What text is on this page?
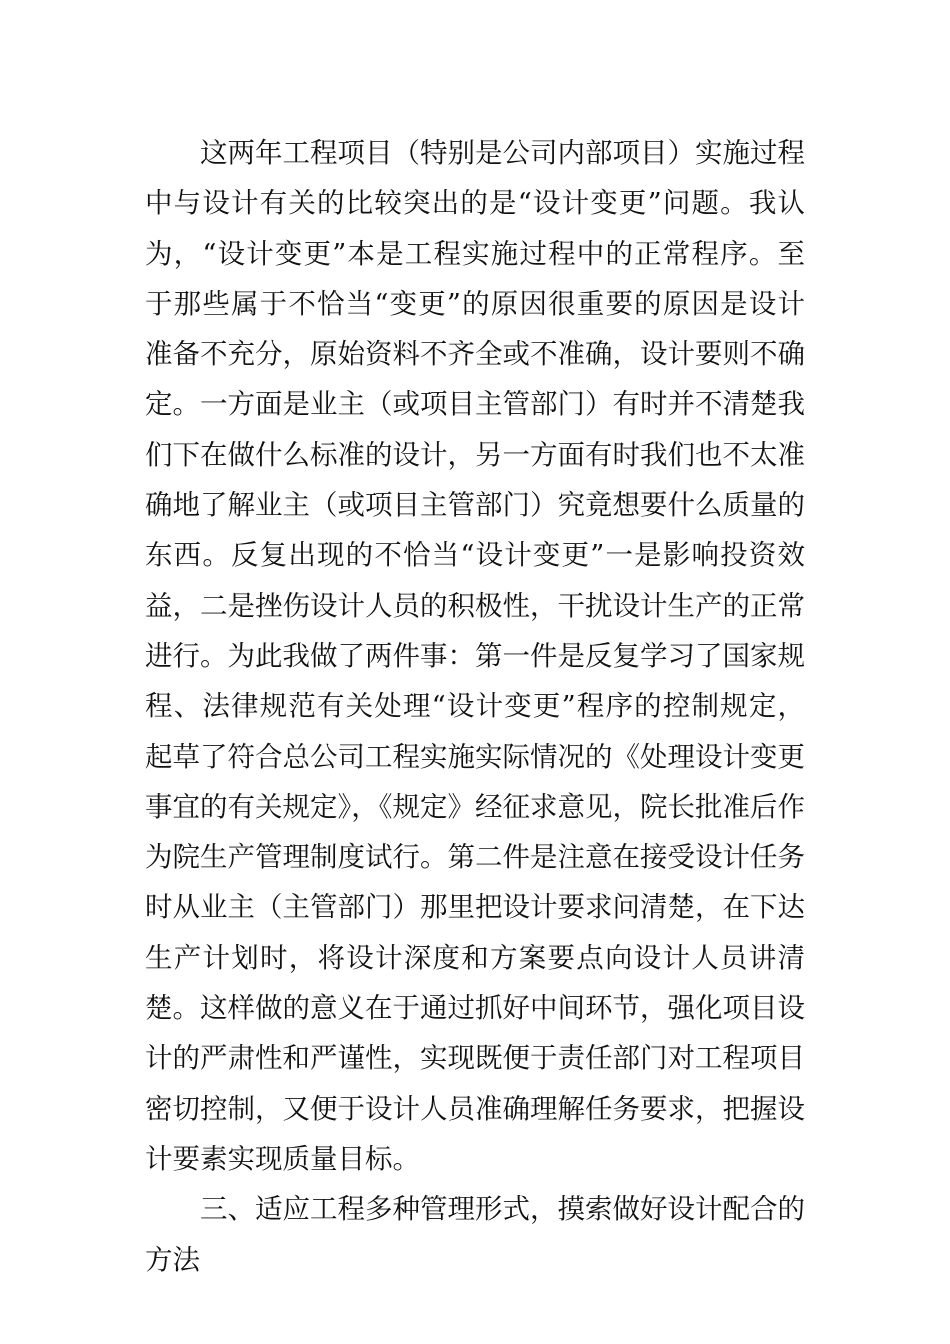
这两年工程项目（特别是公司内部项目）实施过程中与设计有关的比较突出的是“设计变更”问题。我认为，“设计变更”本是工程实施过程中的正常程序。至于那些属于不恰当“变更”的原因很重要的原因是设计准备不充分，原始资料不齐全或不准确，设计要则不确定。一方面是业主（或项目主管部门）有时并不清楚我们下在做什么标准的设计，另一方面有时我们也不太准确地了解业主（或项目主管部门）究竟想要什么质量的东西。反复出现的不恰当“设计变更”一是影响投资效益，二是挫伤设计人员的积极性，干扰设计生产的正常进行。为此我做了两件事：第一件是反复学习了国家规程、法律规范有关处理“设计变更”程序的控制规定，起草了符合总公司工程实施实际情况的《处理设计变更事宜的有关规定》，《规定》经征求意见，院长批准后作为院生产管理制度试行。第二件是注意在接受设计任务时从业主（主管部门）那里把设计要求问清楚，在下达生产计划时，将设计深度和方案要点向设计人员讲清楚。这样做的意义在于通过抓好中间环节，强化项目设计的严肃性和严谨性，实现既便于责任部门对工程项目密切控制，又便于设计人员准确理解任务要求，把握设计要素实现质量目标。

三、适应工程多种管理形式，摸索做好设计配合的方法
